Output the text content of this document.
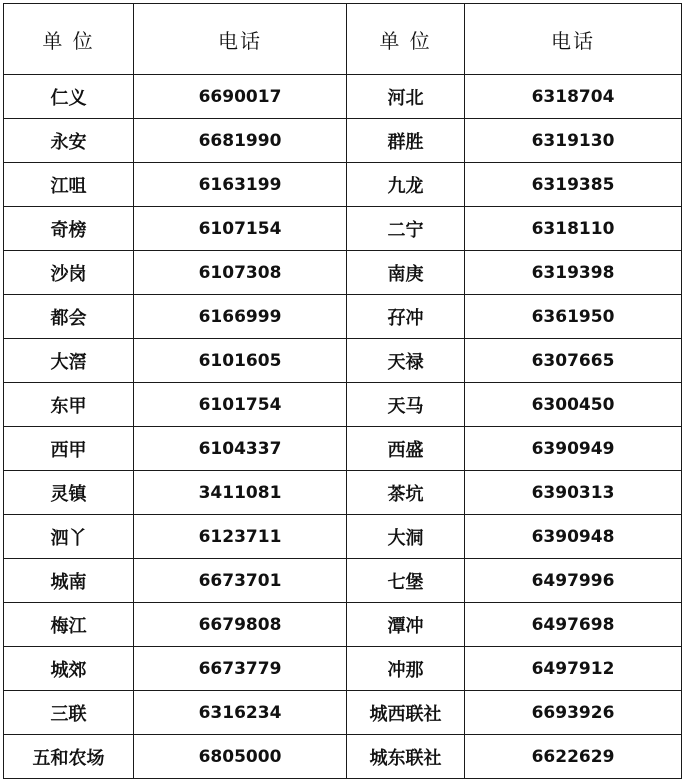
单 位	电话	单 位	电话
仁义	6690017	河北	6318704
永安	6681990	群胜	6319130
江咀	6163199	九龙	6319385
奇榜	6107154	二宁	6318110
沙岗	6107308	南庚	6319398
都会	6166999	孖冲	6361950
大滘	6101605	天禄	6307665
东甲	6101754	天马	6300450
西甲	6104337	西盛	6390949
灵镇	3411081	茶坑	6390313
泗丫	6123711	大洞	6390948
城南	6673701	七堡	6497996
梅江	6679808	潭冲	6497698
城郊	6673779	冲那	6497912
三联	6316234	城西联社	6693926
五和农场	6805000	城东联社	6622629
